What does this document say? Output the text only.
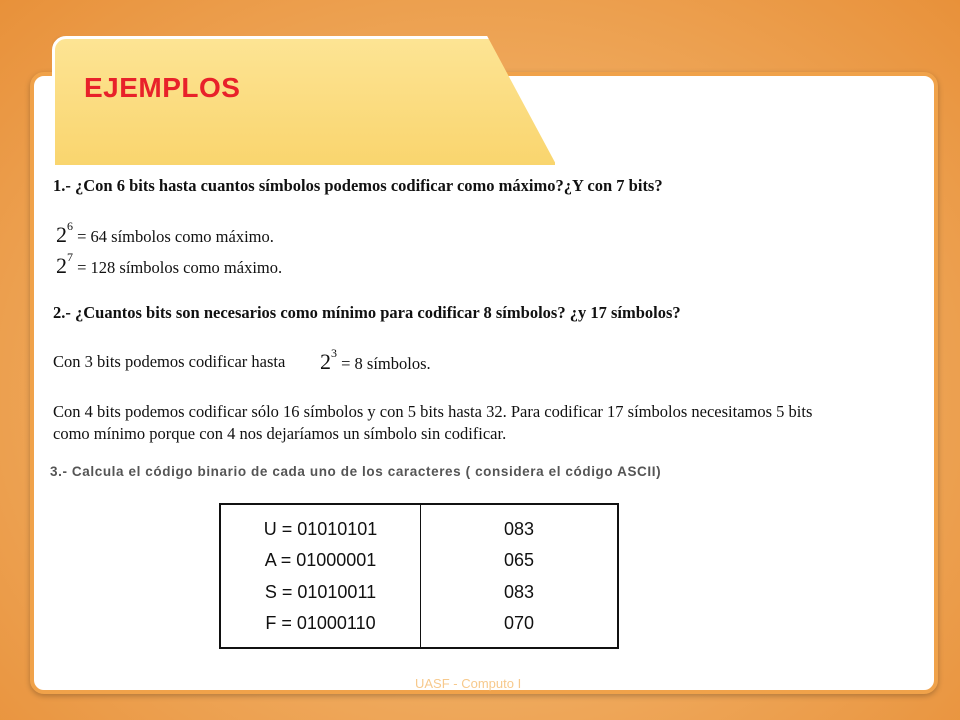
EJEMPLOS
1.- ¿Con 6 bits hasta cuantos símbolos podemos codificar como máximo?¿Y con 7 bits?
$2^6 = 64$ símbolos como máximo.
$2^7 = 128$ símbolos como máximo.
2.- ¿Cuantos bits son necesarios como mínimo para codificar 8 símbolos? ¿y 17 símbolos?
Con 3 bits podemos codificar hasta $2^3 = 8$ símbolos.
Con 4 bits podemos codificar sólo 16 símbolos y con 5 bits hasta 32. Para codificar 17 símbolos necesitamos 5 bits
como mínimo porque con 4 nos dejaríamos un símbolo sin codificar.
3.- Calcula el código binario de cada uno de los caracteres ( considera el código ASCII)
U = 01010101
A = 01000001
S = 01010011
F = 01000110
083
065
083
070
UASF - Computo I
